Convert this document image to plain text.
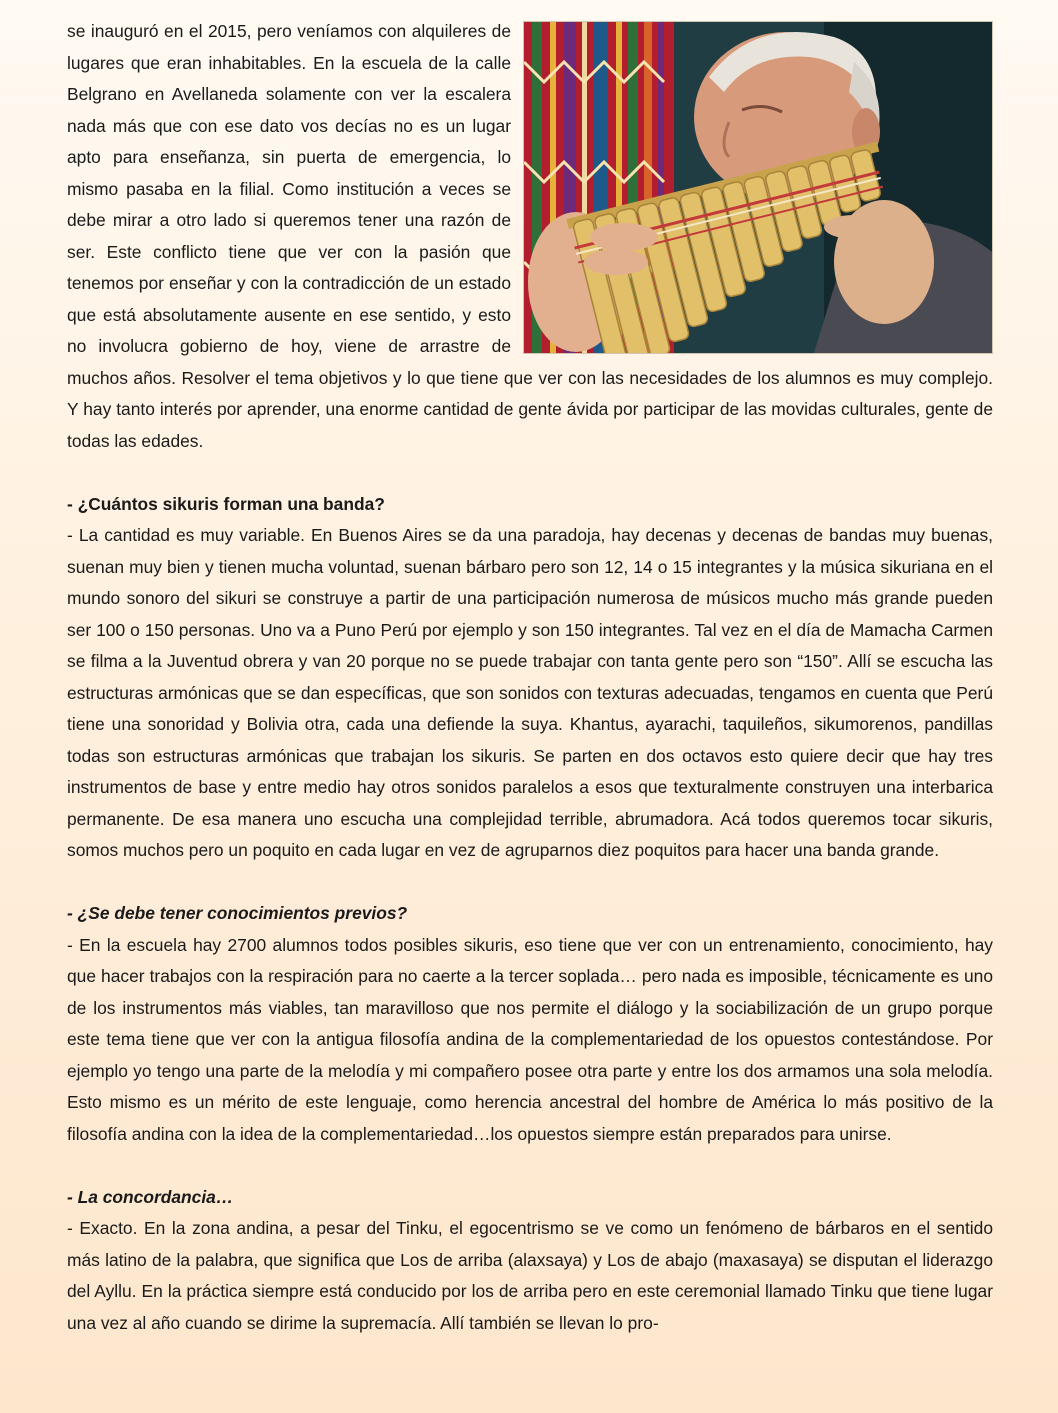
se inauguró en el 2015, pero veníamos con alquileres de lugares que eran inhabitables. En la escuela de la calle Belgrano en Avellaneda solamente con ver la escalera nada más que con ese dato vos decías no es un lugar apto para enseñanza, sin puerta de emergencia, lo mismo pasaba en la filial. Como institución a veces se debe mirar a otro lado si queremos tener una razón de ser. Este conflicto tiene que ver con la pasión que tenemos por enseñar y con la contradicción de un estado que está absolutamente ausente en ese sentido, y esto no involucra gobierno de hoy, viene de arrastre de muchos años. Resolver el tema objetivos y lo que tiene que ver con las necesidades de los alumnos es muy complejo. Y hay tanto interés por aprender, una enorme cantidad de gente ávida por participar de las movidas culturales, gente de todas las edades.

- ¿Cuántos sikuris forman una banda?

- La cantidad es muy variable. En Buenos Aires se da una paradoja, hay decenas y decenas de bandas muy buenas, suenan muy bien y tienen mucha voluntad, suenan bárbaro pero son 12, 14 o 15 integrantes y la música sikuriana en el mundo sonoro del sikuri se construye a partir de una participación numerosa de músicos mucho más grande pueden ser 100 o 150 personas. Uno va a Puno Perú por ejemplo y son 150 integrantes. Tal vez en el día de Mamacha Carmen se filma a la Juventud obrera y van 20 porque no se puede trabajar con tanta gente pero son “150”. Allí se escucha las estructuras armónicas que se dan específicas, que son sonidos con texturas adecuadas, tengamos en cuenta que Perú tiene una sonoridad y Bolivia otra, cada una defiende la suya. Khantus, ayarachi, taquileños, sikumorenos, pandillas todas son estructuras armónicas que trabajan los sikuris. Se parten en dos octavos esto quiere decir que hay tres instrumentos de base y entre medio hay otros sonidos paralelos a esos que texturalmente construyen una interbarica permanente. De esa manera uno escucha una complejidad terrible, abrumadora. Acá todos queremos tocar sikuris, somos muchos pero un poquito en cada lugar en vez de agruparnos diez poquitos para hacer una banda grande.

- ¿Se debe tener conocimientos previos?

- En la escuela hay 2700 alumnos todos posibles sikuris, eso tiene que ver con un entrenamiento, conocimiento, hay que hacer trabajos con la respiración para no caerte a la tercer soplada… pero nada es imposible, técnicamente es uno de los instrumentos más viables, tan maravilloso que nos permite el diálogo y la sociabilización de un grupo porque este tema tiene que ver con la antigua filosofía andina de la complementariedad de los opuestos contestándose. Por ejemplo yo tengo una parte de la melodía y mi compañero posee otra parte y entre los dos armamos una sola melodía. Esto mismo es un mérito de este lenguaje, como herencia ancestral del hombre de América lo más positivo de la filosofía andina con la idea de la complementariedad…los opuestos siempre están preparados para unirse.

- La concordancia…

- Exacto. En la zona andina, a pesar del Tinku, el egocentrismo se ve como un fenómeno de bárbaros en el sentido más latino de la palabra, que significa que Los de arriba (alaxsaya) y Los de abajo (maxasaya) se disputan el liderazgo del Ayllu. En la práctica siempre está conducido por los de arriba pero en este ceremonial llamado Tinku que tiene lugar una vez al año cuando se dirime la supremacía. Allí también se llevan lo pro-
